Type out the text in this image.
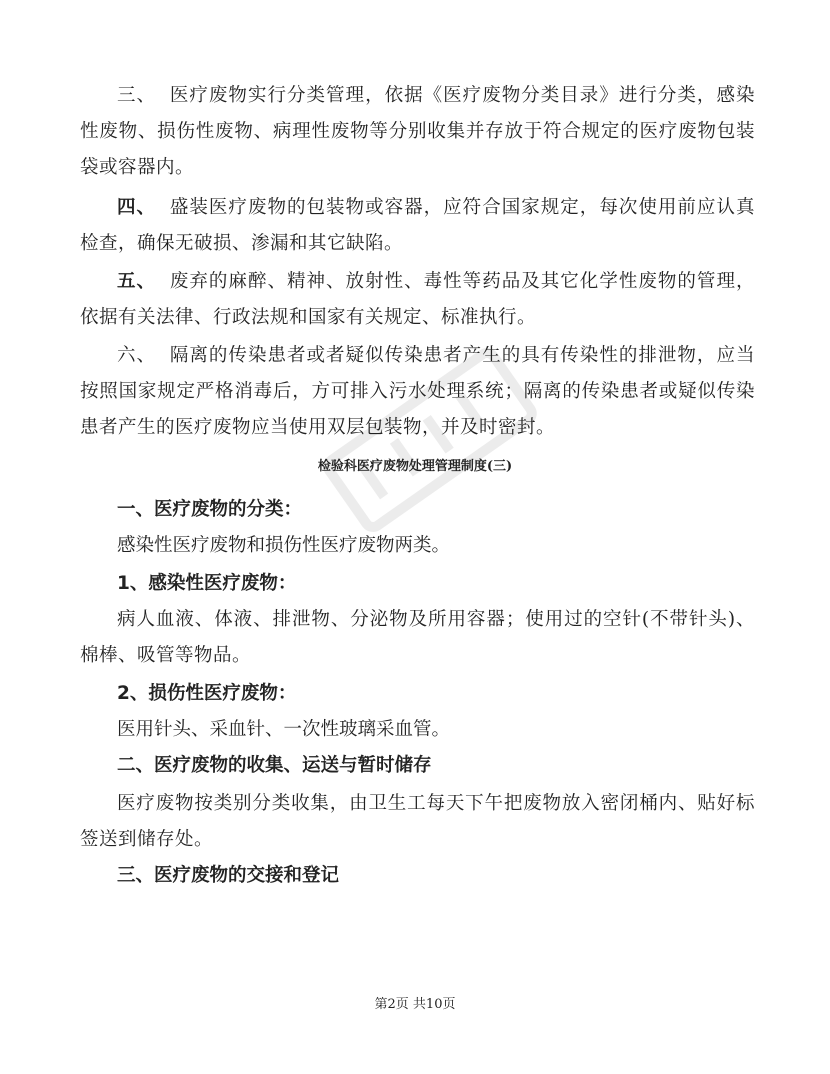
三、 医疗废物实行分类管理，依据《医疗废物分类目录》进行分类，感染性废物、损伤性废物、病理性废物等分别收集并存放于符合规定的医疗废物包装袋或容器内。

四、 盛装医疗废物的包装物或容器，应符合国家规定，每次使用前应认真检查，确保无破损、渗漏和其它缺陷。

五、 废弃的麻醉、精神、放射性、毒性等药品及其它化学性废物的管理，依据有关法律、行政法规和国家有关规定、标准执行。

六、 隔离的传染患者或者疑似传染患者产生的具有传染性的排泄物，应当按照国家规定严格消毒后，方可排入污水处理系统；隔离的传染患者或疑似传染患者产生的医疗废物应当使用双层包装物，并及时密封。

检验科医疗废物处理管理制度(三)

一、医疗废物的分类：

感染性医疗废物和损伤性医疗废物两类。

1、感染性医疗废物：

病人血液、体液、排泄物、分泌物及所用容器；使用过的空针(不带针头)、棉棒、吸管等物品。

2、损伤性医疗废物：

医用针头、采血针、一次性玻璃采血管。

二、医疗废物的收集、运送与暂时储存

医疗废物按类别分类收集，由卫生工每天下午把废物放入密闭桶内、贴好标签送到储存处。

三、医疗废物的交接和登记

第2页 共10页
